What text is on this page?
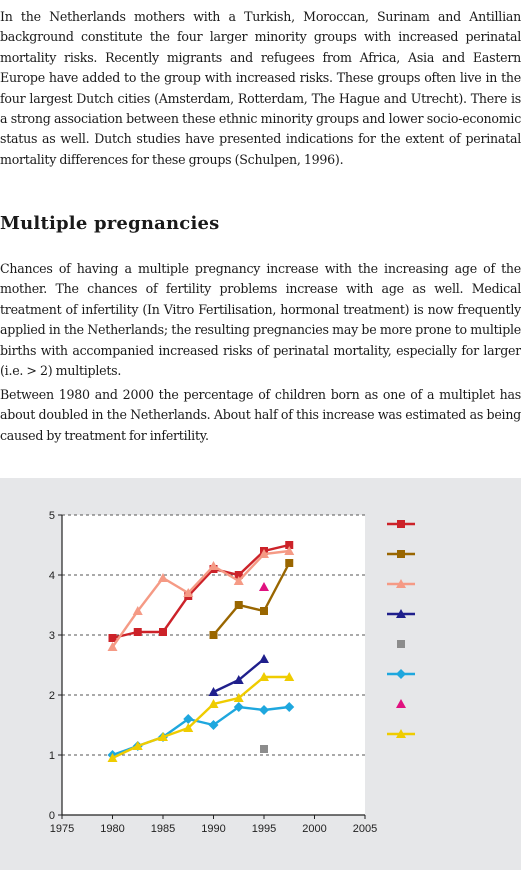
In the Netherlands mothers with a Turkish, Moroccan, Surinam and Antillian background constitute the four larger minority groups with increased perinatal mortality risks. Recently migrants and refugees from Africa, Asia and Eastern Europe have added to the group with increased risks. These groups often live in the four largest Dutch cities (Amsterdam, Rotterdam, The Hague and Utrecht). There is a strong association between these ethnic minority groups and lower socio-economic status as well. Dutch studies have presented indications for the extent of perinatal mortality differences for these groups (Schulpen, 1996).

Multiple pregnancies

Chances of having a multiple pregnancy increase with the increasing age of the mother. The chances of fertility problems increase with age as well. Medical treatment of infertility (In Vitro Fertilisation, hormonal treatment) is now frequently applied in the Netherlands; the resulting pregnancies may be more prone to multiple births with accompanied increased risks of perinatal mortality, especially for larger (i.e. > 2) multiplets.

Between 1980 and 2000 the percentage of children born as one of a multiplet has about doubled in the Netherlands. About half of this increase was estimated as being caused by treatment for infertility.

0
1
2
3
4
5
1975 1980 1985 1990 1995 2000 2005
